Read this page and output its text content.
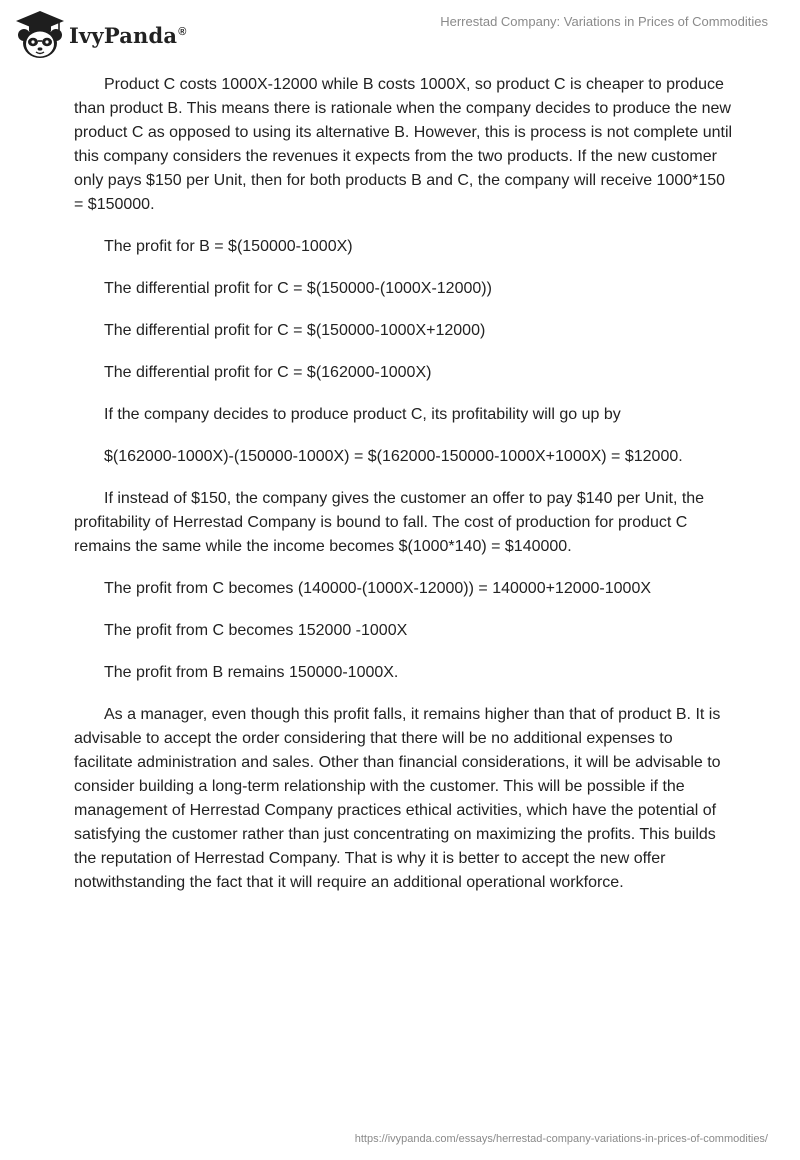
IvyPanda®
Herrestad Company: Variations in Prices of Commodities

Product C costs 1000X-12000 while B costs 1000X, so product C is cheaper to produce than product B. This means there is rationale when the company decides to produce the new product C as opposed to using its alternative B. However, this is process is not complete until this company considers the revenues it expects from the two products. If the new customer only pays $150 per Unit, then for both products B and C, the company will receive 1000*150 = $150000.

The profit for B = $(150000-1000X)

The differential profit for C = $(150000-(1000X-12000))

The differential profit for C = $(150000-1000X+12000)

The differential profit for C = $(162000-1000X)

If the company decides to produce product C, its profitability will go up by

$(162000-1000X)-(150000-1000X) = $(162000-150000-1000X+1000X) = $12000.

If instead of $150, the company gives the customer an offer to pay $140 per Unit, the profitability of Herrestad Company is bound to fall. The cost of production for product C remains the same while the income becomes $(1000*140) = $140000.

The profit from C becomes (140000-(1000X-12000)) = 140000+12000-1000X

The profit from C becomes 152000 -1000X

The profit from B remains 150000-1000X.

As a manager, even though this profit falls, it remains higher than that of product B. It is advisable to accept the order considering that there will be no additional expenses to facilitate administration and sales. Other than financial considerations, it will be advisable to consider building a long-term relationship with the customer. This will be possible if the management of Herrestad Company practices ethical activities, which have the potential of satisfying the customer rather than just concentrating on maximizing the profits. This builds the reputation of Herrestad Company. That is why it is better to accept the new offer notwithstanding the fact that it will require an additional operational workforce.

https://ivypanda.com/essays/herrestad-company-variations-in-prices-of-commodities/
